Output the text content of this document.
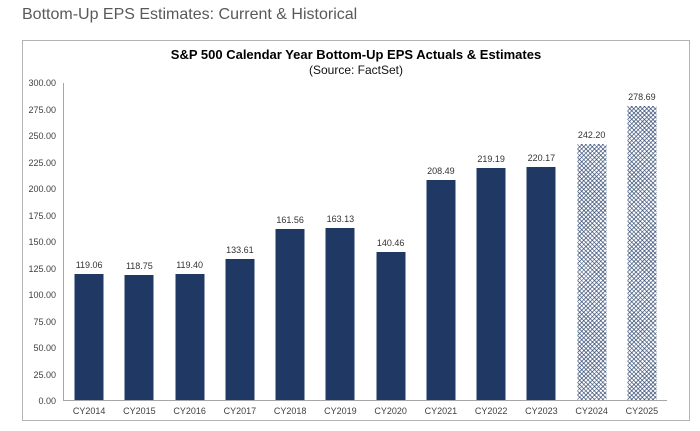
Bottom-Up EPS Estimates: Current & Historical
S&P 500 Calendar Year Bottom-Up EPS Actuals & Estimates
(Source: FactSet)
300.00
275.00
250.00
225.00
200.00
175.00
150.00
125.00
100.00
75.00
50.00
25.00
0.00
119.06
CY2014
118.75
CY2015
119.40
CY2016
133.61
CY2017
161.56
CY2018
163.13
CY2019
140.46
CY2020
208.49
CY2021
219.19
CY2022
220.17
CY2023
242.20
CY2024
278.69
CY2025
